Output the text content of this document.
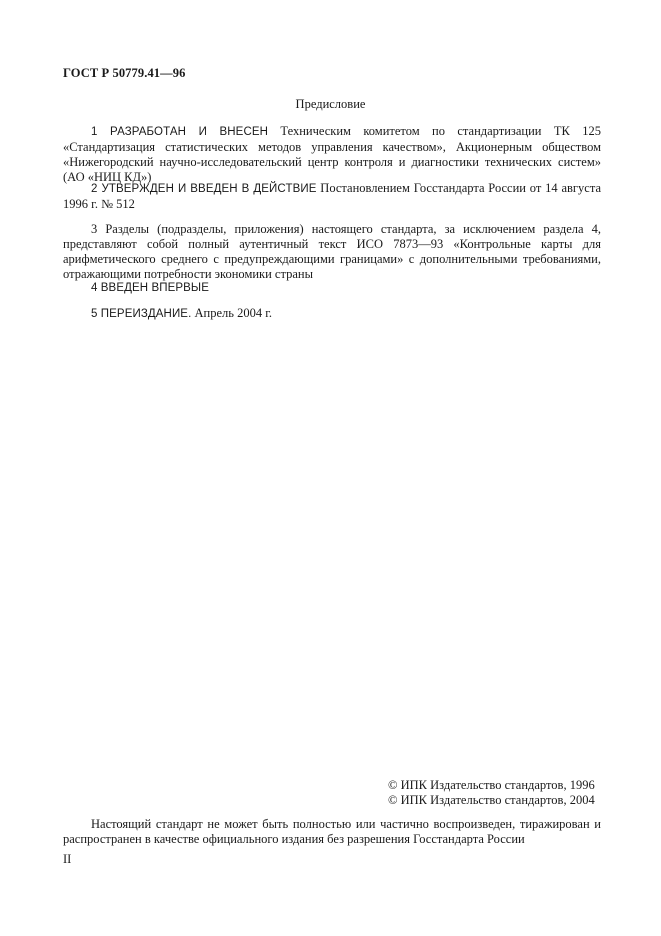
ГОСТ Р 50779.41—96
Предисловие
1 РАЗРАБОТАН И ВНЕСЕН Техническим комитетом по стандартизации ТК 125 «Стандартизация статистических методов управления качеством», Акционерным обществом «Нижегородский научно-исследовательский центр контроля и диагностики технических систем» (АО «НИЦ КД»)
2 УТВЕРЖДЕН И ВВЕДЕН В ДЕЙСТВИЕ Постановлением Госстандарта России от 14 августа 1996 г. № 512
3 Разделы (подразделы, приложения) настоящего стандарта, за исключением раздела 4, представляют собой полный аутентичный текст ИСО 7873—93 «Контрольные карты для арифметического среднего с предупреждающими границами» с дополнительными требованиями, отражающими потребности экономики страны
4 ВВЕДЕН ВПЕРВЫЕ
5 ПЕРЕИЗДАНИЕ. Апрель 2004 г.
© ИПК Издательство стандартов, 1996
© ИПК Издательство стандартов, 2004
Настоящий стандарт не может быть полностью или частично воспроизведен, тиражирован и распространен в качестве официального издания без разрешения Госстандарта России
II
